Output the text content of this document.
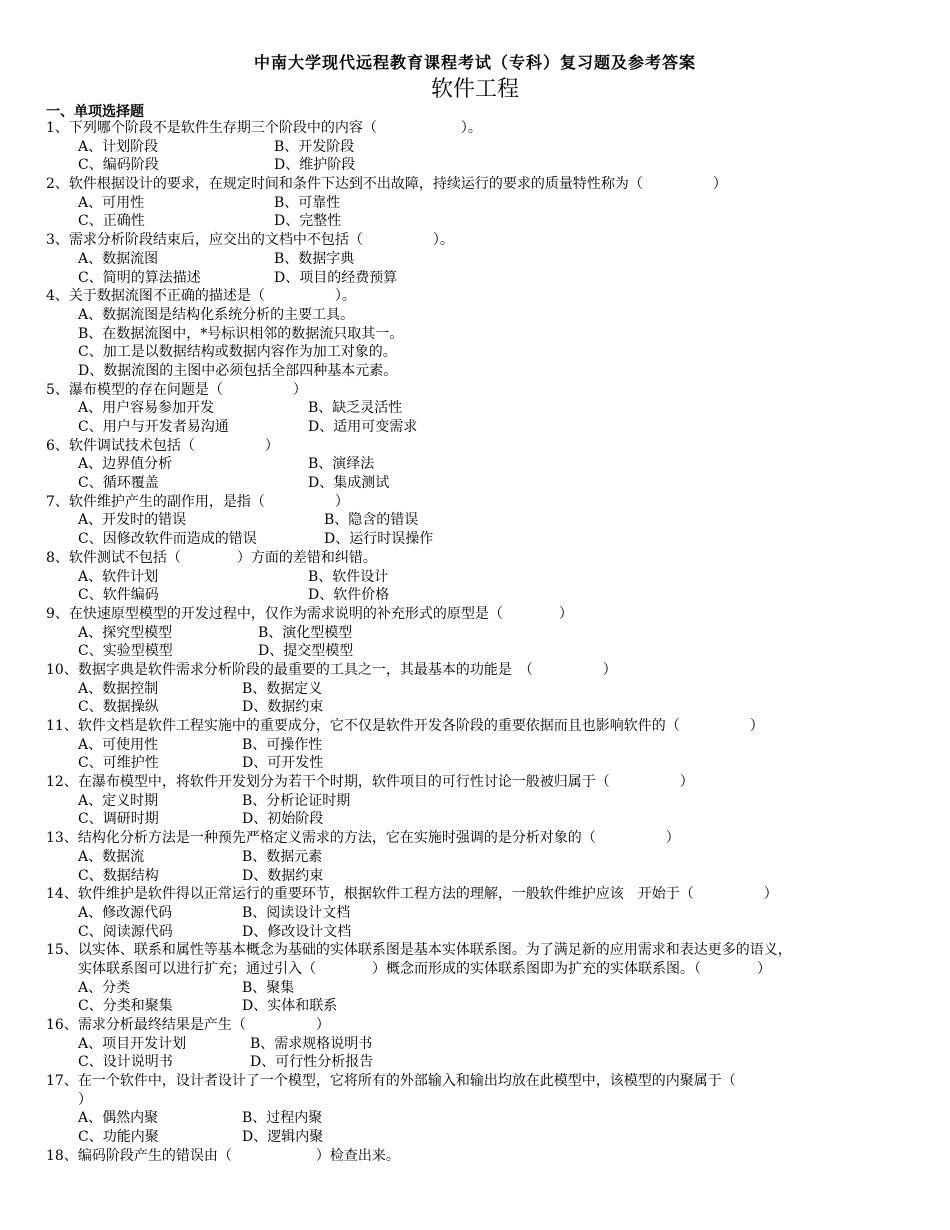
中南大学现代远程教育课程考试（专科）复习题及参考答案
软件工程
一、单项选择题
1、下列哪个阶段不是软件生存期三个阶段中的内容（　　　　　　）。
A、计划阶段	B、开发阶段
C、编码阶段	D、维护阶段
2、软件根据设计的要求，在规定时间和条件下达到不出故障，持续运行的要求的质量特性称为（　　　　　）
A、可用性	B、可靠性
C、正确性	D、完整性
3、需求分析阶段结束后，应交出的文档中不包括（　　　　　）。
A、数据流图	B、数据字典
C、简明的算法描述	D、项目的经费预算
4、关于数据流图不正确的描述是（　　　　　）。
A、数据流图是结构化系统分析的主要工具。
B、在数据流图中，*号标识相邻的数据流只取其一。
C、加工是以数据结构或数据内容作为加工对象的。
D、数据流图的主图中必须包括全部四种基本元素。
5、瀑布模型的存在问题是（　　　　　）
A、用户容易参加开发	B、缺乏灵活性
C、用户与开发者易沟通	D、适用可变需求
6、软件调试技术包括（　　　　　）
A、边界值分析	B、演绎法
C、循环覆盖	D、集成测试
7、软件维护产生的副作用，是指（　　　　　）
A、开发时的错误	B、隐含的错误
C、因修改软件而造成的错误	D、运行时误操作
8、软件测试不包括（　　　　）方面的差错和纠错。
A、软件计划	B、软件设计
C、软件编码	D、软件价格
9、在快速原型模型的开发过程中，仅作为需求说明的补充形式的原型是（　　　　）
A、探究型模型	B、演化型模型
C、实验型模型	D、提交型模型
10、数据字典是软件需求分析阶段的最重要的工具之一，其最基本的功能是　（　　　　　）
A、数据控制	B、数据定义
C、数据操纵	D、数据约束
11、软件文档是软件工程实施中的重要成分，它不仅是软件开发各阶段的重要依据而且也影响软件的（　　　　　）
A、可使用性	B、可操作性
C、可维护性	D、可开发性
12、在瀑布模型中，将软件开发划分为若干个时期，软件项目的可行性讨论一般被归属于（　　　　　）
A、定义时期	B、分析论证时期
C、调研时期	D、初始阶段
13、结构化分析方法是一种预先严格定义需求的方法，它在实施时强调的是分析对象的（　　　　　）
A、数据流	B、数据元素
C、数据结构	D、数据约束
14、软件维护是软件得以正常运行的重要环节，根据软件工程方法的理解，一般软件维护应该　开始于（　　　　　）
A、修改源代码	B、阅读设计文档
C、阅读源代码	D、修改设计文档
15、以实体、联系和属性等基本概念为基础的实体联系图是基本实体联系图。为了满足新的应用需求和表达更多的语义，
实体联系图可以进行扩充；通过引入（　　　　）概念而形成的实体联系图即为扩充的实体联系图。（　　　　）
A、分类	B、聚集
C、分类和聚集	D、实体和联系
16、需求分析最终结果是产生（　　　　　）
A、项目开发计划	B、需求规格说明书
C、设计说明书	D、可行性分析报告
17、在一个软件中，设计者设计了一个模型，它将所有的外部输入和输出均放在此模型中，该模型的内聚属于（
）
A、偶然内聚	B、过程内聚
C、功能内聚	D、逻辑内聚
18、编码阶段产生的错误由（　　　　　　）检查出来。
